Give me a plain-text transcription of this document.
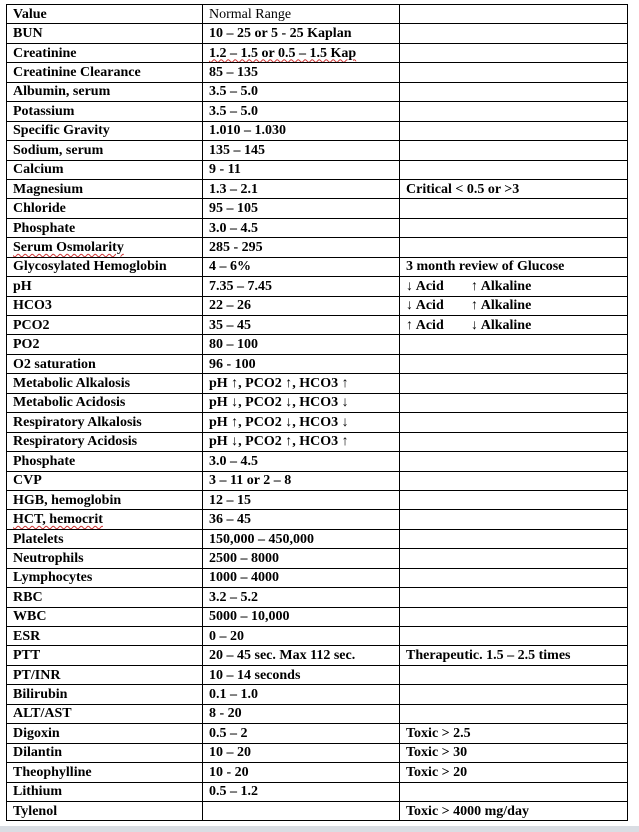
Value	Normal Range	
BUN	10 – 25 or 5 - 25 Kaplan	
Creatinine	1.2 – 1.5 or 0.5 – 1.5 Kap	
Creatinine Clearance	85 – 135	
Albumin, serum	3.5 – 5.0	
Potassium	3.5 – 5.0	
Specific Gravity	1.010 – 1.030	
Sodium, serum	135 – 145	
Calcium	9 - 11	
Magnesium	1.3 – 2.1	Critical < 0.5 or >3
Chloride	95 – 105	
Phosphate	3.0 – 4.5	
Serum Osmolarity	285 - 295	
Glycosylated Hemoglobin	4 – 6%	3 month review of Glucose
pH	7.35 – 7.45	↓ Acid ↑ Alkaline
HCO3	22 – 26	↓ Acid ↑ Alkaline
PCO2	35 – 45	↑ Acid ↓ Alkaline
PO2	80 – 100	
O2 saturation	96 - 100	
Metabolic Alkalosis	pH ↑, PCO2 ↑, HCO3 ↑	
Metabolic Acidosis	pH ↓, PCO2 ↓, HCO3 ↓	
Respiratory Alkalosis	pH ↑, PCO2 ↓, HCO3 ↓	
Respiratory Acidosis	pH ↓, PCO2 ↑, HCO3 ↑	
Phosphate	3.0 – 4.5	
CVP	3 – 11 or 2 – 8	
HGB, hemoglobin	12 – 15	
HCT, hemocrit	36 – 45	
Platelets	150,000 – 450,000	
Neutrophils	2500 – 8000	
Lymphocytes	1000 – 4000	
RBC	3.2 – 5.2	
WBC	5000 – 10,000	
ESR	0 – 20	
PTT	20 – 45 sec. Max 112 sec.	Therapeutic. 1.5 – 2.5 times
PT/INR	10 – 14 seconds	
Bilirubin	0.1 – 1.0	
ALT/AST	8 - 20	
Digoxin	0.5 – 2	Toxic > 2.5
Dilantin	10 – 20	Toxic > 30
Theophylline	10 - 20	Toxic > 20
Lithium	0.5 – 1.2	
Tylenol		Toxic > 4000 mg/day
